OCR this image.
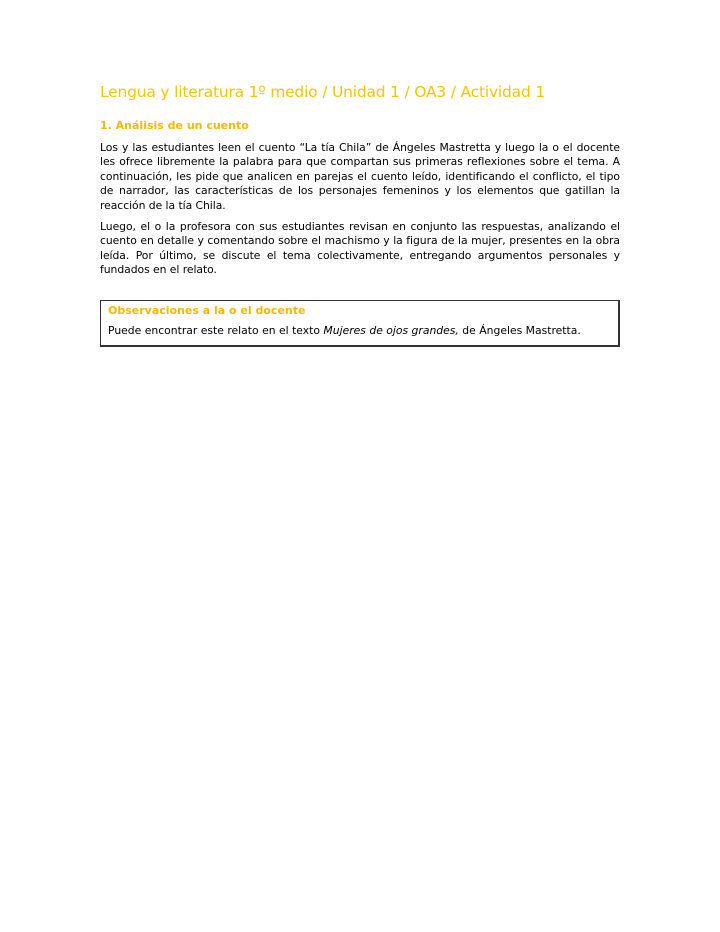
Lengua y literatura 1º medio / Unidad 1 / OA3 / Actividad 1
1. Análisis de un cuento

Los y las estudiantes leen el cuento “La tía Chila” de Ángeles Mastretta y luego la o el docente les ofrece libremente la palabra para que compartan sus primeras reflexiones sobre el tema. A continuación, les pide que analicen en parejas el cuento leído, identificando el conflicto, el tipo de narrador, las características de los personajes femeninos y los elementos que gatillan la reacción de la tía Chila.

Luego, el o la profesora con sus estudiantes revisan en conjunto las respuestas, analizando el cuento en detalle y comentando sobre el machismo y la figura de la mujer, presentes en la obra leída. Por último, se discute el tema colectivamente, entregando argumentos personales y fundados en el relato.

Observaciones a la o el docente

Puede encontrar este relato en el texto Mujeres de ojos grandes, de Ángeles Mastretta.
